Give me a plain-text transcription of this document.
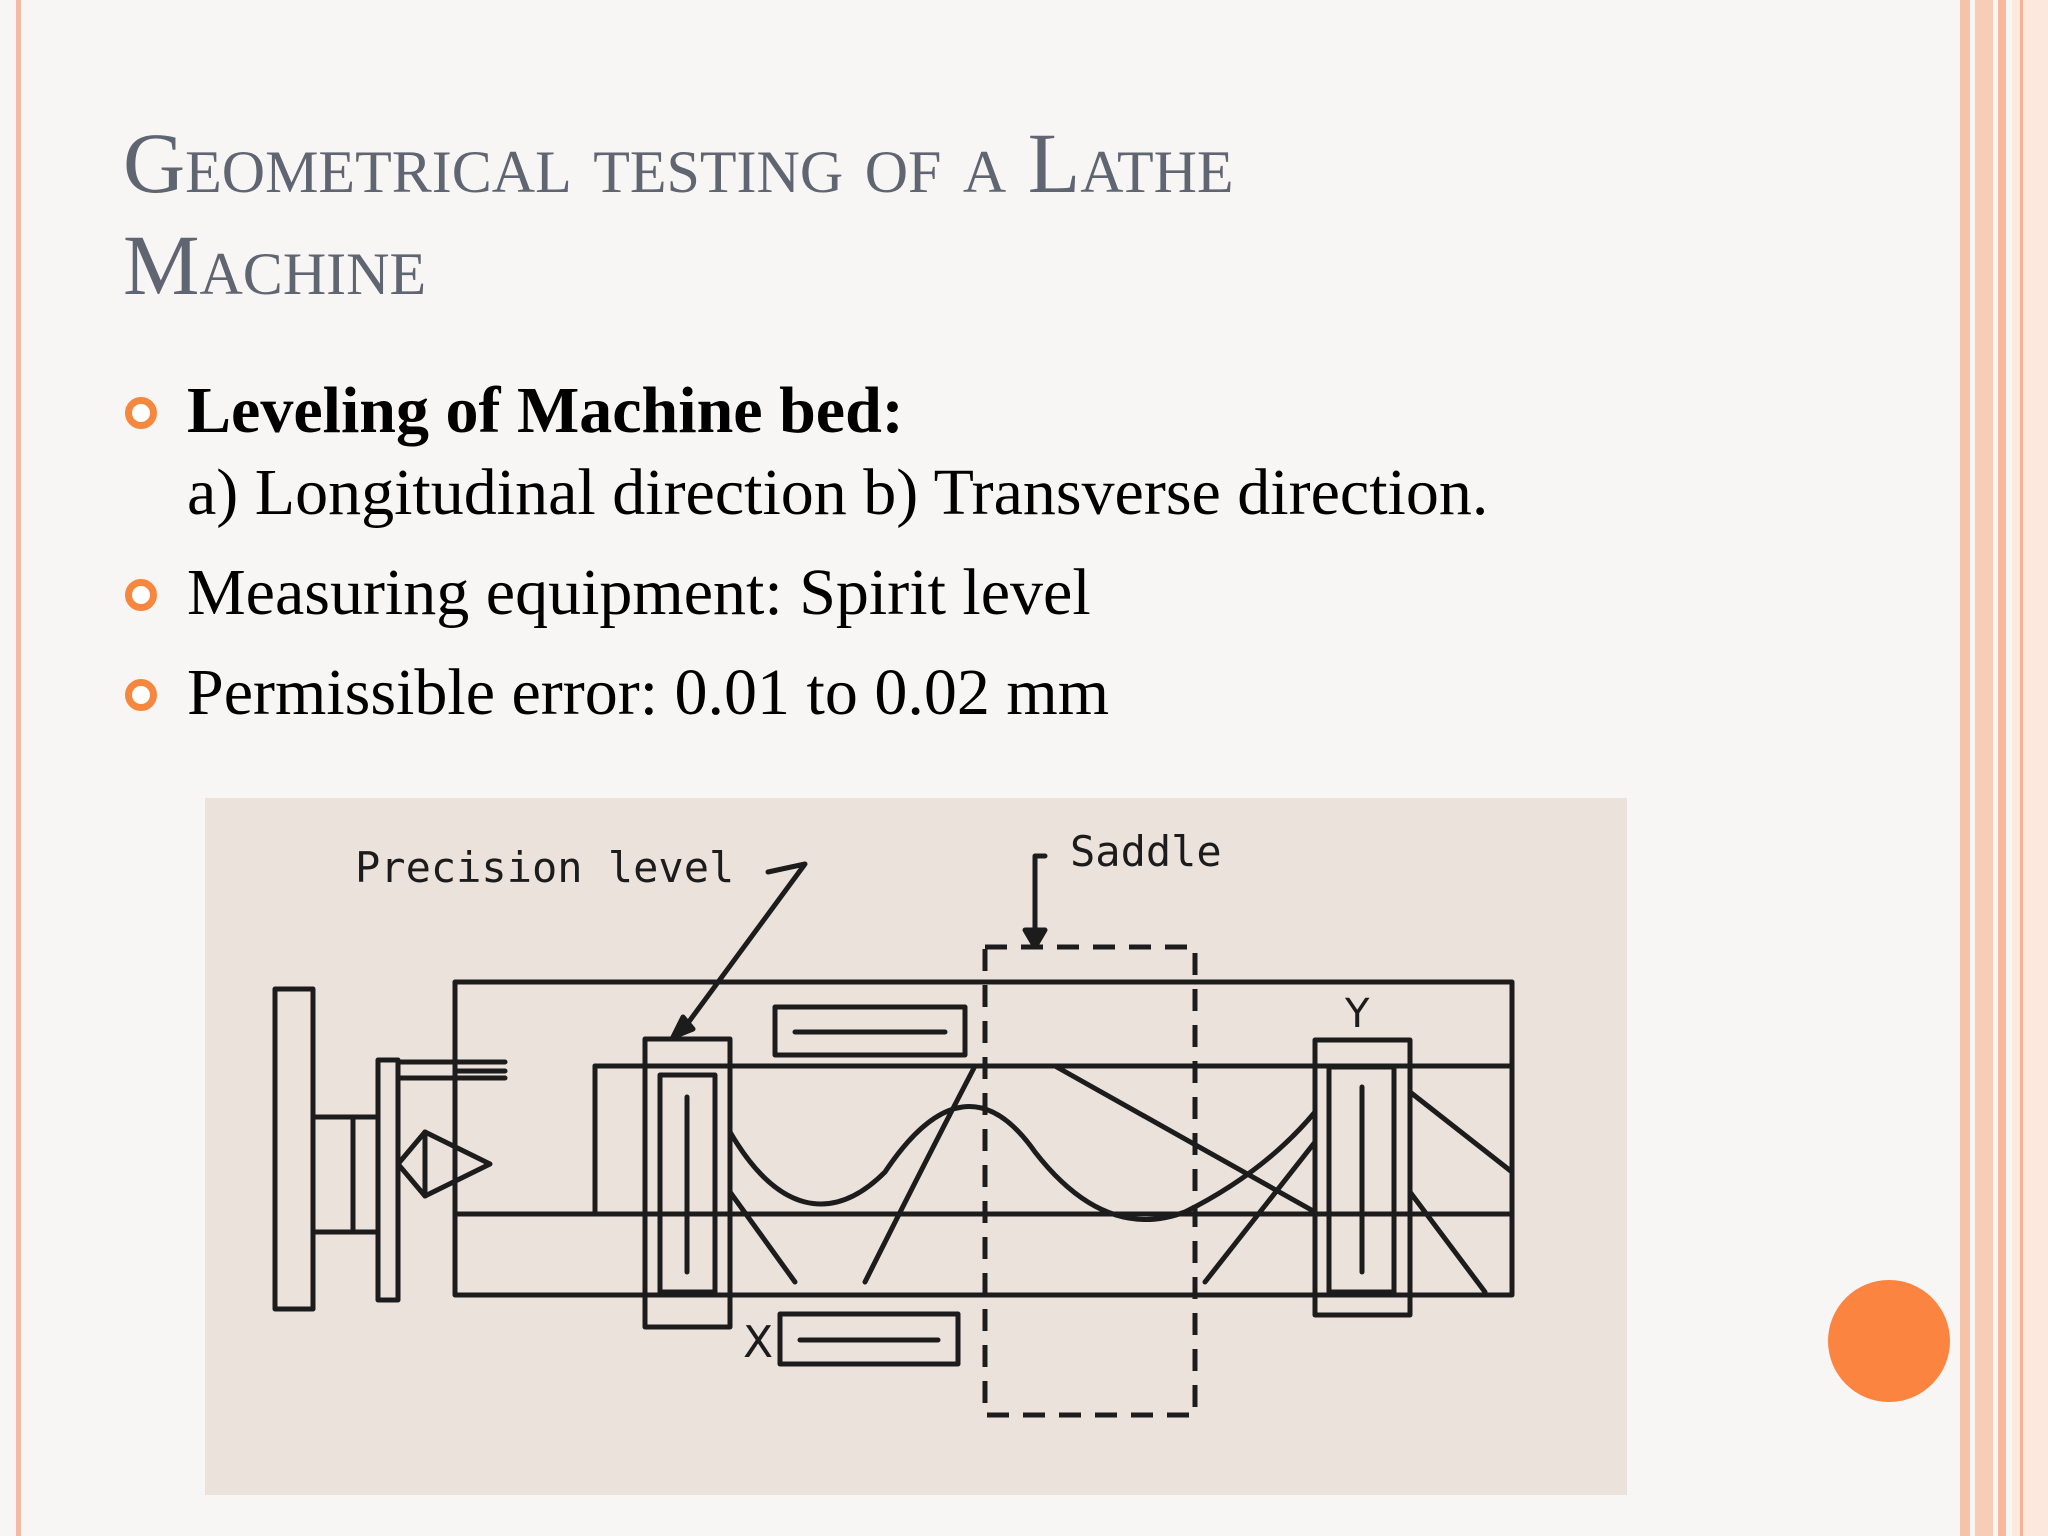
Geometrical testing of a Lathe
Machine
Leveling of Machine bed:
a) Longitudinal direction b) Transverse direction.
Measuring equipment: Spirit level
Permissible error: 0.01 to 0.02 mm
Precision level	Saddle
X
Y
